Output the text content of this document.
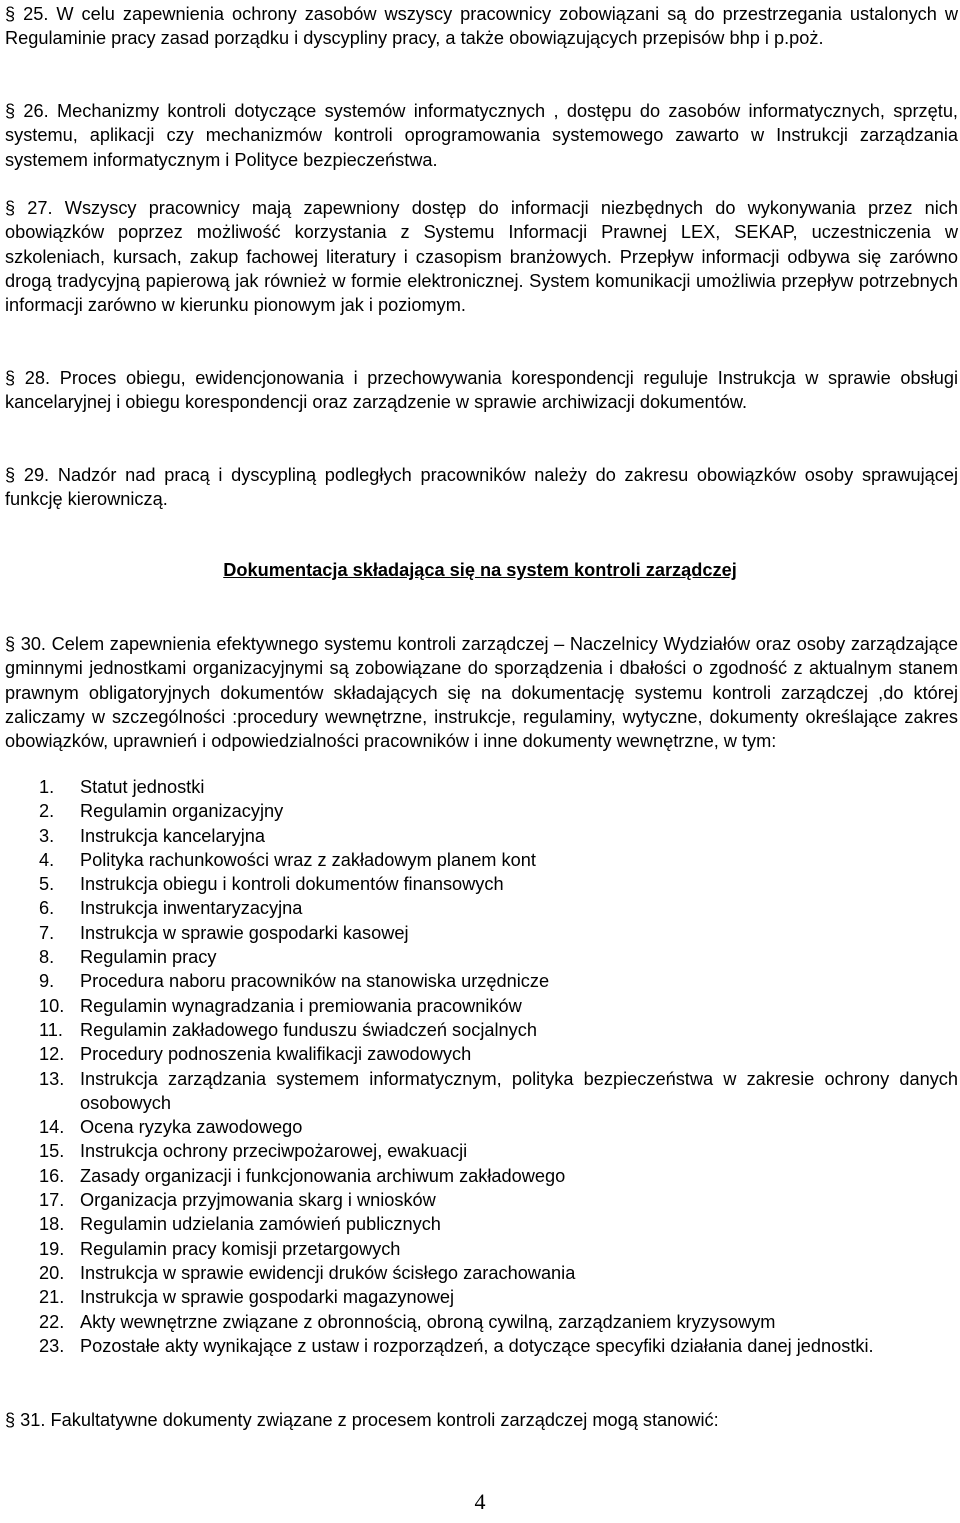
§ 25. W celu zapewnienia ochrony zasobów wszyscy pracownicy zobowiązani są do przestrzegania ustalonych w Regulaminie pracy zasad porządku i dyscypliny pracy, a także obowiązujących przepisów bhp i p.poż.

§ 26. Mechanizmy kontroli dotyczące systemów informatycznych , dostępu do zasobów informatycznych, sprzętu, systemu, aplikacji czy mechanizmów kontroli oprogramowania systemowego zawarto w Instrukcji zarządzania systemem informatycznym i Polityce bezpieczeństwa.

§ 27. Wszyscy pracownicy mają zapewniony dostęp do informacji niezbędnych do wykonywania przez nich obowiązków poprzez możliwość korzystania z Systemu Informacji Prawnej LEX, SEKAP, uczestniczenia w szkoleniach, kursach, zakup fachowej literatury i czasopism branżowych. Przepływ informacji odbywa się zarówno drogą tradycyjną papierową jak również w formie elektronicznej. System komunikacji umożliwia przepływ potrzebnych informacji zarówno w kierunku pionowym jak i poziomym.

§ 28. Proces obiegu, ewidencjonowania i przechowywania korespondencji reguluje Instrukcja w sprawie obsługi kancelaryjnej i obiegu korespondencji oraz zarządzenie w sprawie archiwizacji dokumentów.

§ 29. Nadzór nad pracą i dyscypliną podległych pracowników należy do zakresu obowiązków osoby sprawującej funkcję kierowniczą.

Dokumentacja składająca się na system kontroli zarządczej

§ 30. Celem zapewnienia efektywnego systemu kontroli zarządczej – Naczelnicy Wydziałów oraz osoby zarządzające gminnymi jednostkami organizacyjnymi są zobowiązane do sporządzenia i dbałości o zgodność z aktualnym stanem prawnym obligatoryjnych dokumentów składających się na dokumentację systemu kontroli zarządczej ,do której zaliczamy w szczególności :procedury wewnętrzne, instrukcje, regulaminy, wytyczne, dokumenty określające zakres obowiązków, uprawnień i odpowiedzialności pracowników i inne dokumenty wewnętrzne, w tym:

1. Statut jednostki
2. Regulamin organizacyjny
3. Instrukcja kancelaryjna
4. Polityka rachunkowości wraz z zakładowym planem kont
5. Instrukcja obiegu i kontroli dokumentów finansowych
6. Instrukcja inwentaryzacyjna
7. Instrukcja w sprawie gospodarki kasowej
8. Regulamin pracy
9. Procedura naboru pracowników na stanowiska urzędnicze
10. Regulamin wynagradzania i premiowania pracowników
11. Regulamin zakładowego funduszu świadczeń socjalnych
12. Procedury podnoszenia kwalifikacji zawodowych
13. Instrukcja zarządzania systemem informatycznym, polityka bezpieczeństwa w zakresie ochrony danych osobowych
14. Ocena ryzyka zawodowego
15. Instrukcja ochrony przeciwpożarowej, ewakuacji
16. Zasady organizacji i funkcjonowania archiwum zakładowego
17. Organizacja przyjmowania skarg i wniosków
18. Regulamin udzielania zamówień publicznych
19. Regulamin pracy komisji przetargowych
20. Instrukcja w sprawie ewidencji druków ścisłego zarachowania
21. Instrukcja w sprawie gospodarki magazynowej
22. Akty wewnętrzne związane z obronnością, obroną cywilną, zarządzaniem kryzysowym
23. Pozostałe akty wynikające z ustaw i rozporządzeń, a dotyczące specyfiki działania danej jednostki.

§ 31. Fakultatywne dokumenty związane z procesem kontroli zarządczej mogą stanowić:

4
